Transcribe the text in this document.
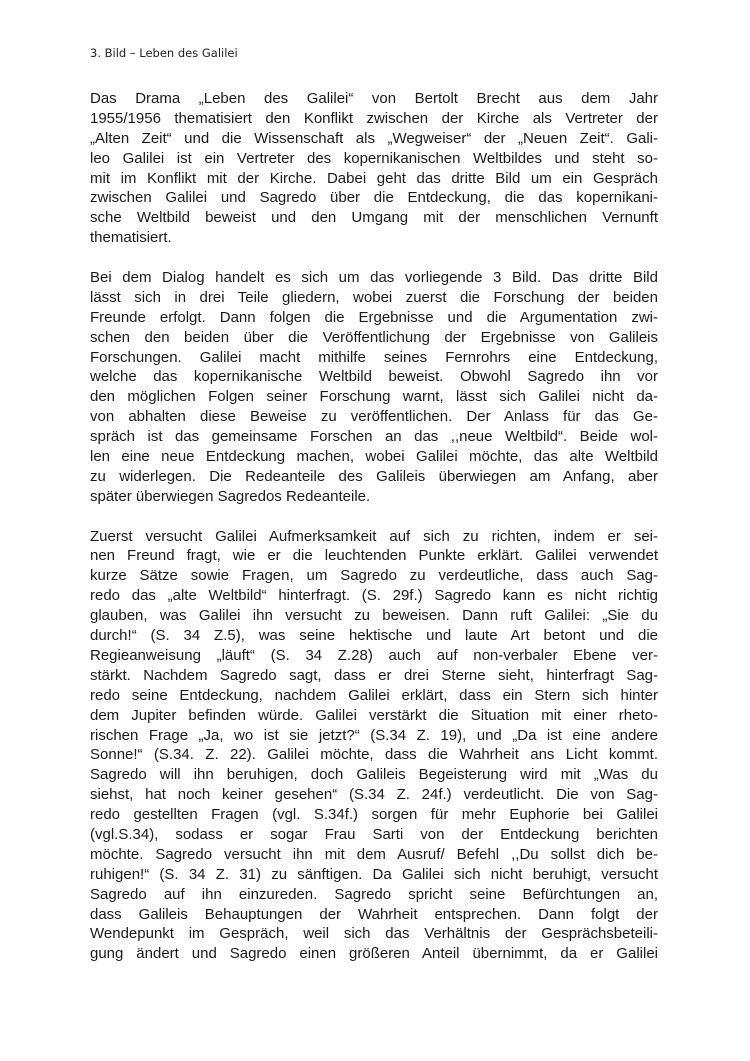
3. Bild – Leben des Galilei
Das Drama „Leben des Galilei“ von Bertolt Brecht aus dem Jahr
1955/1956 thematisiert den Konflikt zwischen der Kirche als Vertreter der
„Alten Zeit“ und die Wissenschaft als „Wegweiser“ der „Neuen Zeit“. Gali-
leo Galilei ist ein Vertreter des kopernikanischen Weltbildes und steht so-
mit im Konflikt mit der Kirche. Dabei geht das dritte Bild um ein Gespräch
zwischen Galilei und Sagredo über die Entdeckung, die das kopernikani-
sche Weltbild beweist und den Umgang mit der menschlichen Vernunft
thematisiert.
Bei dem Dialog handelt es sich um das vorliegende 3 Bild. Das dritte Bild
lässt sich in drei Teile gliedern, wobei zuerst die Forschung der beiden
Freunde erfolgt. Dann folgen die Ergebnisse und die Argumentation zwi-
schen den beiden über die Veröffentlichung der Ergebnisse von Galileis
Forschungen. Galilei macht mithilfe seines Fernrohrs eine Entdeckung,
welche das kopernikanische Weltbild beweist. Obwohl Sagredo ihn vor
den möglichen Folgen seiner Forschung warnt, lässt sich Galilei nicht da-
von abhalten diese Beweise zu veröffentlichen. Der Anlass für das Ge-
spräch ist das gemeinsame Forschen an das ,,neue Weltbild“. Beide wol-
len eine neue Entdeckung machen, wobei Galilei möchte, das alte Weltbild
zu widerlegen. Die Redeanteile des Galileis überwiegen am Anfang, aber
später überwiegen Sagredos Redeanteile.
Zuerst versucht Galilei Aufmerksamkeit auf sich zu richten, indem er sei-
nen Freund fragt, wie er die leuchtenden Punkte erklärt. Galilei verwendet
kurze Sätze sowie Fragen, um Sagredo zu verdeutliche, dass auch Sag-
redo das „alte Weltbild“ hinterfragt. (S. 29f.) Sagredo kann es nicht richtig
glauben, was Galilei ihn versucht zu beweisen. Dann ruft Galilei: „Sie du
durch!“ (S. 34 Z.5), was seine hektische und laute Art betont und die
Regieanweisung „läuft“ (S. 34 Z.28) auch auf non-verbaler Ebene ver-
stärkt. Nachdem Sagredo sagt, dass er drei Sterne sieht, hinterfragt Sag-
redo seine Entdeckung, nachdem Galilei erklärt, dass ein Stern sich hinter
dem Jupiter befinden würde. Galilei verstärkt die Situation mit einer rheto-
rischen Frage „Ja, wo ist sie jetzt?“ (S.34 Z. 19), und „Da ist eine andere
Sonne!“ (S.34. Z. 22). Galilei möchte, dass die Wahrheit ans Licht kommt.
Sagredo will ihn beruhigen, doch Galileis Begeisterung wird mit „Was du
siehst, hat noch keiner gesehen“ (S.34 Z. 24f.) verdeutlicht. Die von Sag-
redo gestellten Fragen (vgl. S.34f.) sorgen für mehr Euphorie bei Galilei
(vgl.S.34), sodass er sogar Frau Sarti von der Entdeckung berichten
möchte. Sagredo versucht ihn mit dem Ausruf/ Befehl ,,Du sollst dich be-
ruhigen!“ (S. 34 Z. 31) zu sänftigen. Da Galilei sich nicht beruhigt, versucht
Sagredo auf ihn einzureden. Sagredo spricht seine Befürchtungen an,
dass Galileis Behauptungen der Wahrheit entsprechen. Dann folgt der
Wendepunkt im Gespräch, weil sich das Verhältnis der Gesprächsbeteili-
gung ändert und Sagredo einen größeren Anteil übernimmt, da er Galilei
